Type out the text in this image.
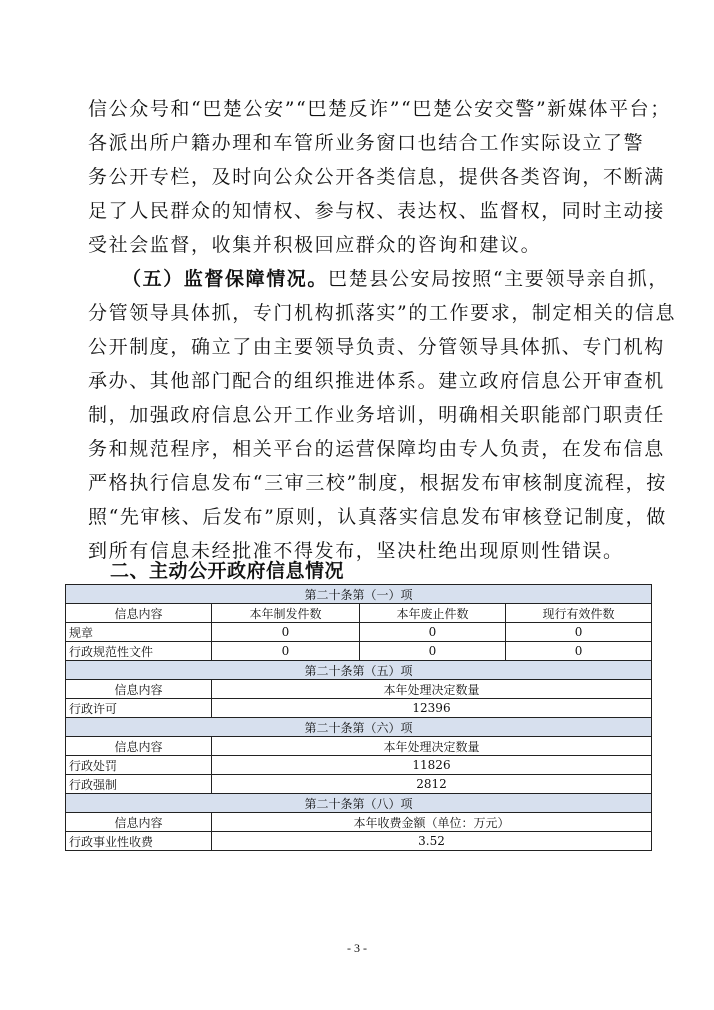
信公众号和“巴楚公安”“巴楚反诈”“巴楚公安交警”新媒体平台；
各派出所户籍办理和车管所业务窗口也结合工作实际设立了警
务公开专栏，及时向公众公开各类信息，提供各类咨询，不断满
足了人民群众的知情权、参与权、表达权、监督权，同时主动接
受社会监督，收集并积极回应群众的咨询和建议。
（五）监督保障情况。巴楚县公安局按照“主要领导亲自抓，
分管领导具体抓，专门机构抓落实”的工作要求，制定相关的信息
公开制度，确立了由主要领导负责、分管领导具体抓、专门机构
承办、其他部门配合的组织推进体系。建立政府信息公开审查机
制，加强政府信息公开工作业务培训，明确相关职能部门职责任
务和规范程序，相关平台的运营保障均由专人负责，在发布信息
严格执行信息发布“三审三校”制度，根据发布审核制度流程，按
照“先审核、后发布”原则，认真落实信息发布审核登记制度，做
到所有信息未经批准不得发布，坚决杜绝出现原则性错误。
二、主动公开政府信息情况
第二十条第（一）项			
信息内容	本年制发件数	本年废止件数	现行有效件数
规章	0	0	0
行政规范性文件	0	0	0
第二十条第（五）项			
信息内容	本年处理决定数量		
行政许可	12396		
第二十条第（六）项			
信息内容	本年处理决定数量		
行政处罚	11826		
行政强制	2812		
第二十条第（八）项			
信息内容	本年收费金额（单位：万元）		
行政事业性收费	3.52		
- 3 -
